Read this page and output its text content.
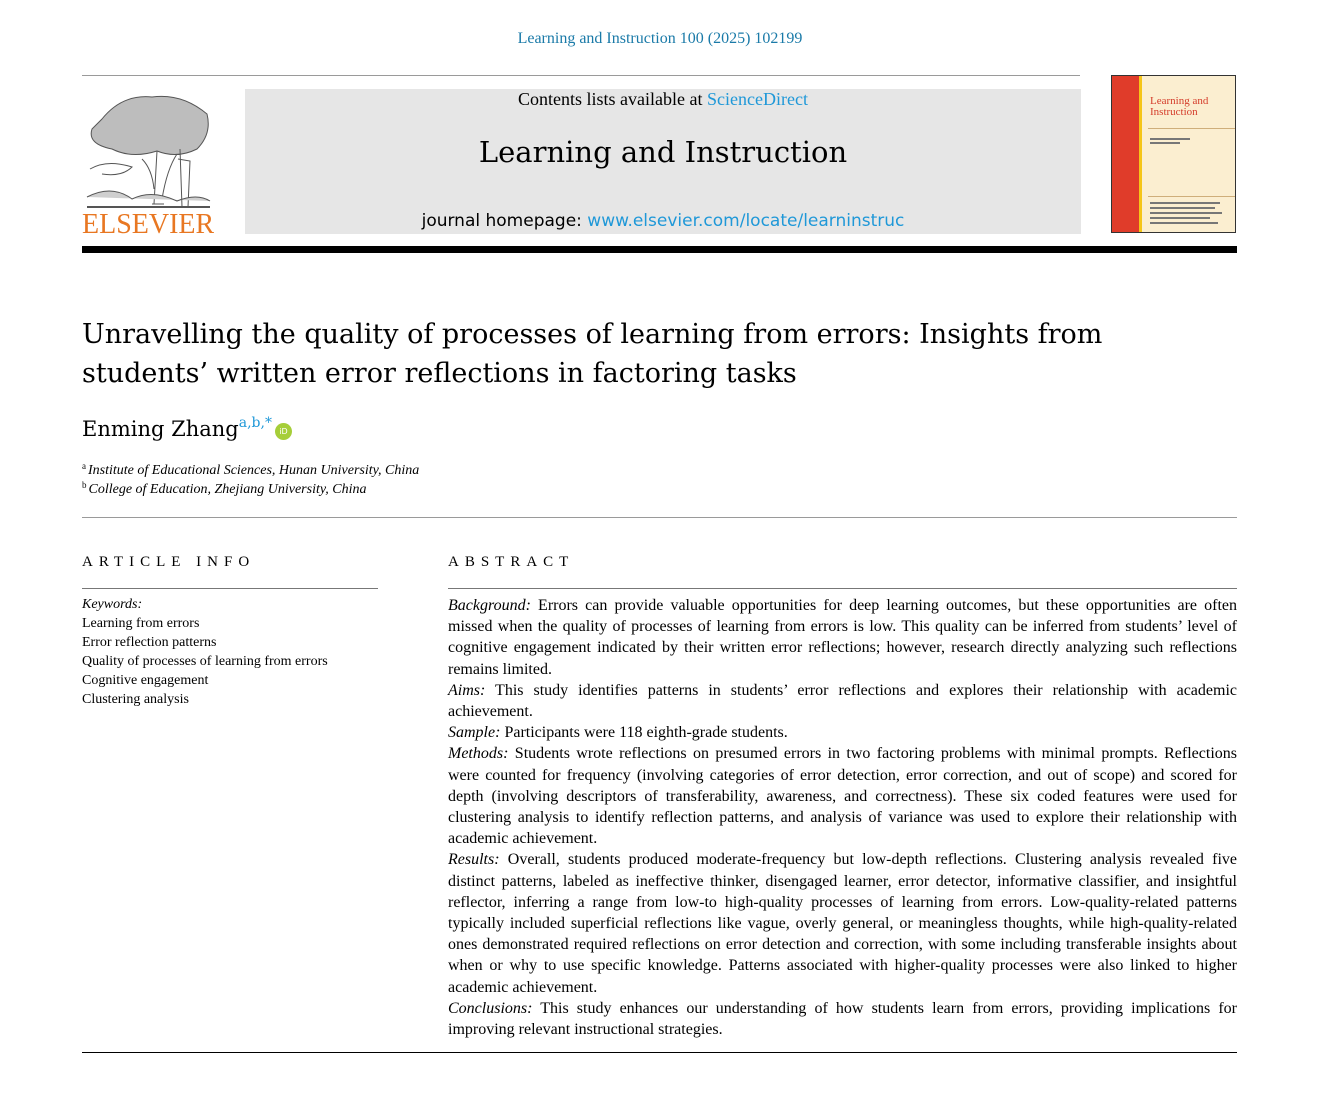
Learning and Instruction 100 (2025) 102199
ELSEVIER
Contents lists available at ScienceDirect
Learning and Instruction
journal homepage: www.elsevier.com/locate/learninstruc
Learning and Instruction
Unravelling the quality of processes of learning from errors: Insights from students’ written error reflections in factoring tasks
Enming Zhang$^{a,b,*}$iD
$^a$ Institute of Educational Sciences, Hunan University, China
$^b$ College of Education, Zhejiang University, China
ARTICLE INFO	ABSTRACT
Keywords:
Learning from errors
Error reflection patterns
Quality of processes of learning from errors
Cognitive engagement
Clustering analysis

Background: Errors can provide valuable opportunities for deep learning outcomes, but these opportunities are often missed when the quality of processes of learning from errors is low. This quality can be inferred from students’ level of cognitive engagement indicated by their written error reflections; however, research directly analyzing such reflections remains limited.

Aims: This study identifies patterns in students’ error reflections and explores their relationship with academic achievement.

Sample: Participants were 118 eighth-grade students.

Methods: Students wrote reflections on presumed errors in two factoring problems with minimal prompts. Reflections were counted for frequency (involving categories of error detection, error correction, and out of scope) and scored for depth (involving descriptors of transferability, awareness, and correctness). These six coded features were used for clustering analysis to identify reflection patterns, and analysis of variance was used to explore their relationship with academic achievement.

Results: Overall, students produced moderate-frequency but low-depth reflections. Clustering analysis revealed five distinct patterns, labeled as ineffective thinker, disengaged learner, error detector, informative classifier, and insightful reflector, inferring a range from low-to high-quality processes of learning from errors. Low-quality-related patterns typically included superficial reflections like vague, overly general, or meaningless thoughts, while high-quality-related ones demonstrated required reflections on error detection and correction, with some including transferable insights about when or why to use specific knowledge. Patterns associated with higher-quality processes were also linked to higher academic achievement.

Conclusions: This study enhances our understanding of how students learn from errors, providing implications for improving relevant instructional strategies.
